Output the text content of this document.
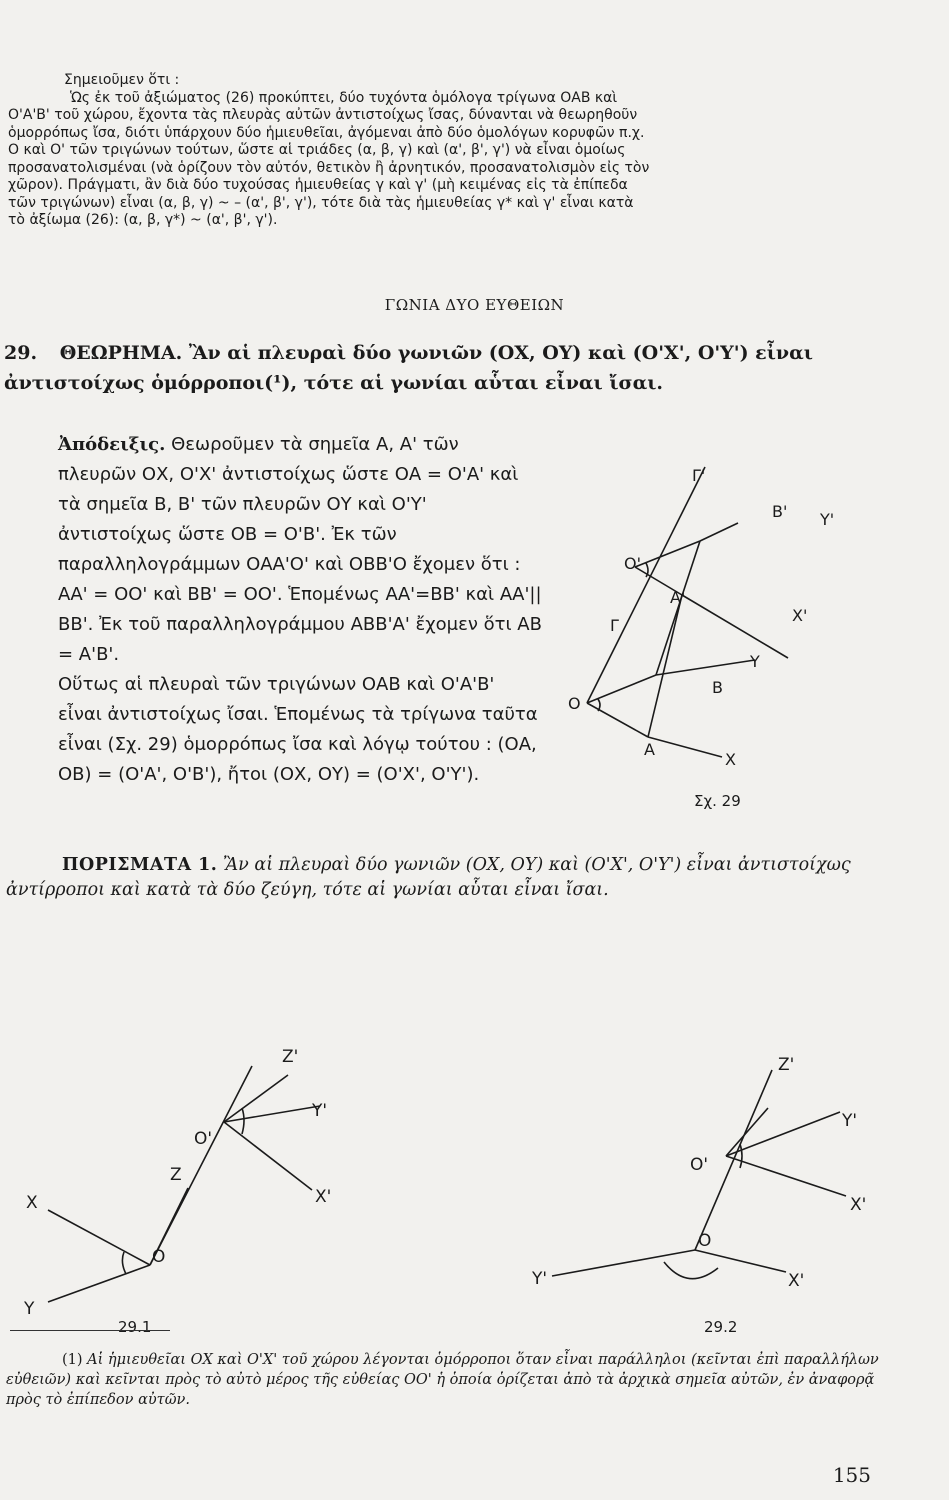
Σημειοῦμεν ὅτι :

Ὡς ἐκ τοῦ ἀξιώματος (26) προκύπτει, δύο τυχόντα ὁμόλογα τρίγωνα ΟΑΒ καὶ

Ο'Α'Β' τοῦ χώρου, ἔχοντα τὰς πλευρὰς αὐτῶν ἀντιστοίχως ἴσας, δύνανται νὰ θεωρηθοῦν

ὁμορρόπως ἴσα, διότι ὑπάρχουν δύο ἡμιευθεῖαι, ἀγόμεναι ἀπὸ δύο ὁμολόγων κορυφῶν π.χ.

Ο καὶ Ο' τῶν τριγώνων τούτων, ὥστε αἱ τριάδες (α, β, γ) καὶ (α', β', γ') νὰ εἶναι ὁμοίως

προσανατολισμέναι (νὰ ὁρίζουν τὸν αὐτόν, θετικὸν ἢ ἀρνητικόν, προσανατολισμὸν εἰς τὸν

χῶρον). Πράγματι, ἂν διὰ δύο τυχούσας ἡμιευθείας γ καὶ γ' (μὴ κειμένας εἰς τὰ ἐπίπεδα

τῶν τριγώνων) εἶναι (α, β, γ) ~ – (α', β', γ'), τότε διὰ τὰς ἡμιευθείας γ* καὶ γ' εἶναι κατὰ

τὸ ἀξίωμα (26): (α, β, γ*) ~ (α', β', γ').

ΓΩΝΙΑ ΔΥΟ ΕΥΘΕΙΩΝ
29. ΘΕΩΡΗΜΑ. Ἂν αἱ πλευραὶ δύο γωνιῶν (ΟΧ, ΟΥ) καὶ (Ο'Χ', Ο'Υ') εἶναι ἀντιστοίχως ὁμόρροποι(¹), τότε αἱ γωνίαι αὗται εἶναι ἴσαι.

Ἀπόδειξις. Θεωροῦμεν τὰ σημεῖα Α, Α' τῶν πλευρῶν ΟΧ, Ο'Χ' ἀντιστοίχως ὥστε ΟΑ = Ο'Α' καὶ τὰ σημεῖα Β, Β' τῶν πλευρῶν ΟΥ καὶ Ο'Υ' ἀντιστοίχως ὥστε ΟΒ = Ο'Β'. Ἐκ τῶν παραλληλογράμμων ΟΑΑ'Ο' καὶ ΟΒΒ'Ο ἔχομεν ὅτι : ΑΑ' = ΟΟ' καὶ ΒΒ' = ΟΟ'. Ἑπομένως ΑΑ'=ΒΒ' καὶ ΑΑ'||ΒΒ'. Ἐκ τοῦ παραλληλογράμμου ΑΒΒ'Α' ἔχομεν ὅτι ΑΒ = Α'Β'.

Οὕτως αἱ πλευραὶ τῶν τριγώνων ΟΑΒ καὶ Ο'Α'Β' εἶναι ἀντιστοίχως ἴσαι. Ἑπομένως τὰ τρίγωνα ταῦτα εἶναι (Σχ. 29) ὁμορρόπως ἴσα καὶ λόγῳ τούτου : (ΟΑ, ΟΒ) = (Ο'Α', Ο'Β'), ἤτοι (ΟΧ, ΟΥ) = (Ο'Χ', Ο'Υ').

Γ'
B' Y'
O'
A'
X'
Γ
Y
B
O
A
X
Σχ. 29
ΠΟΡΙΣΜΑΤΑ 1. Ἂν αἱ πλευραὶ δύο γωνιῶν (ΟΧ, ΟΥ) καὶ (Ο'Χ', Ο'Υ') εἶναι ἀντιστοίχως ἀντίρροποι καὶ κατὰ τὰ δύο ζεύγη, τότε αἱ γωνίαι αὗται εἶναι ἴσαι.
Z'
Y'
O'
Z
X'
X
O
Y
29.1
Z'
Y'
O'
X'
O
Y'	X'
29.2
(1) Αἱ ἡμιευθεῖαι ΟΧ καὶ Ο'Χ' τοῦ χώρου λέγονται ὁμόρροποι ὅταν εἶναι παράλληλοι (κεῖνται ἐπὶ παραλλήλων εὐθειῶν) καὶ κεῖνται πρὸς τὸ αὐτὸ μέρος τῆς εὐθείας ΟΟ' ἡ ὁποία ὁρίζεται ἀπὸ τὰ ἀρχικὰ σημεῖα αὐτῶν, ἐν ἀναφορᾷ πρὸς τὸ ἐπίπεδον αὐτῶν.
155
